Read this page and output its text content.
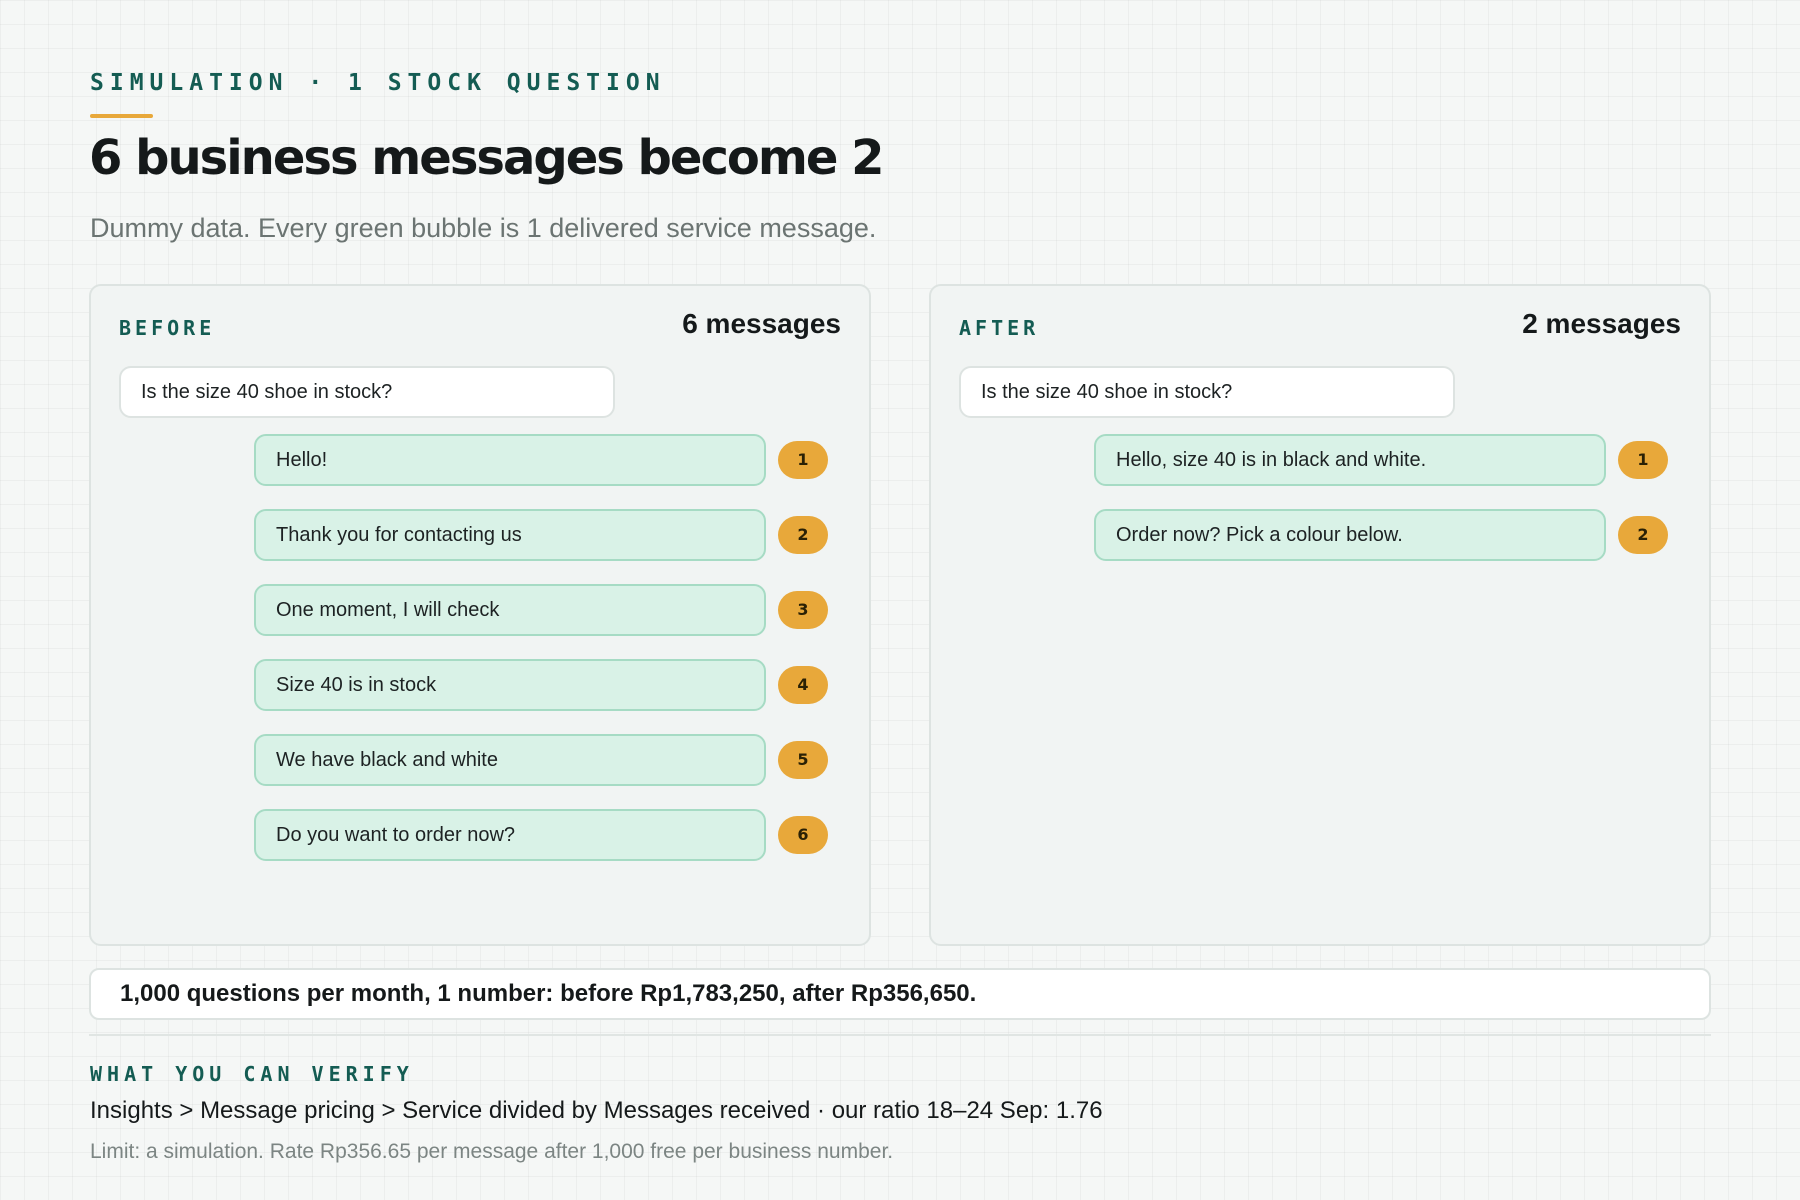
SIMULATION · 1 STOCK QUESTION
6 business messages become 2

Dummy data. Every green bubble is 1 delivered service message.

BEFORE	6 messages
Is the size 40 shoe in stock?
Hello!	1
Thank you for contacting us	2
One moment, I will check	3
Size 40 is in stock	4
We have black and white	5
Do you want to order now?	6
AFTER	2 messages
Is the size 40 shoe in stock?
Hello, size 40 is in black and white.	1
Order now? Pick a colour below.	2
1,000 questions per month, 1 number: before Rp1,783,250, after Rp356,650.
WHAT YOU CAN VERIFY
Insights > Message pricing > Service divided by Messages received · our ratio 18–24 Sep: 1.76
Limit: a simulation. Rate Rp356.65 per message after 1,000 free per business number.
